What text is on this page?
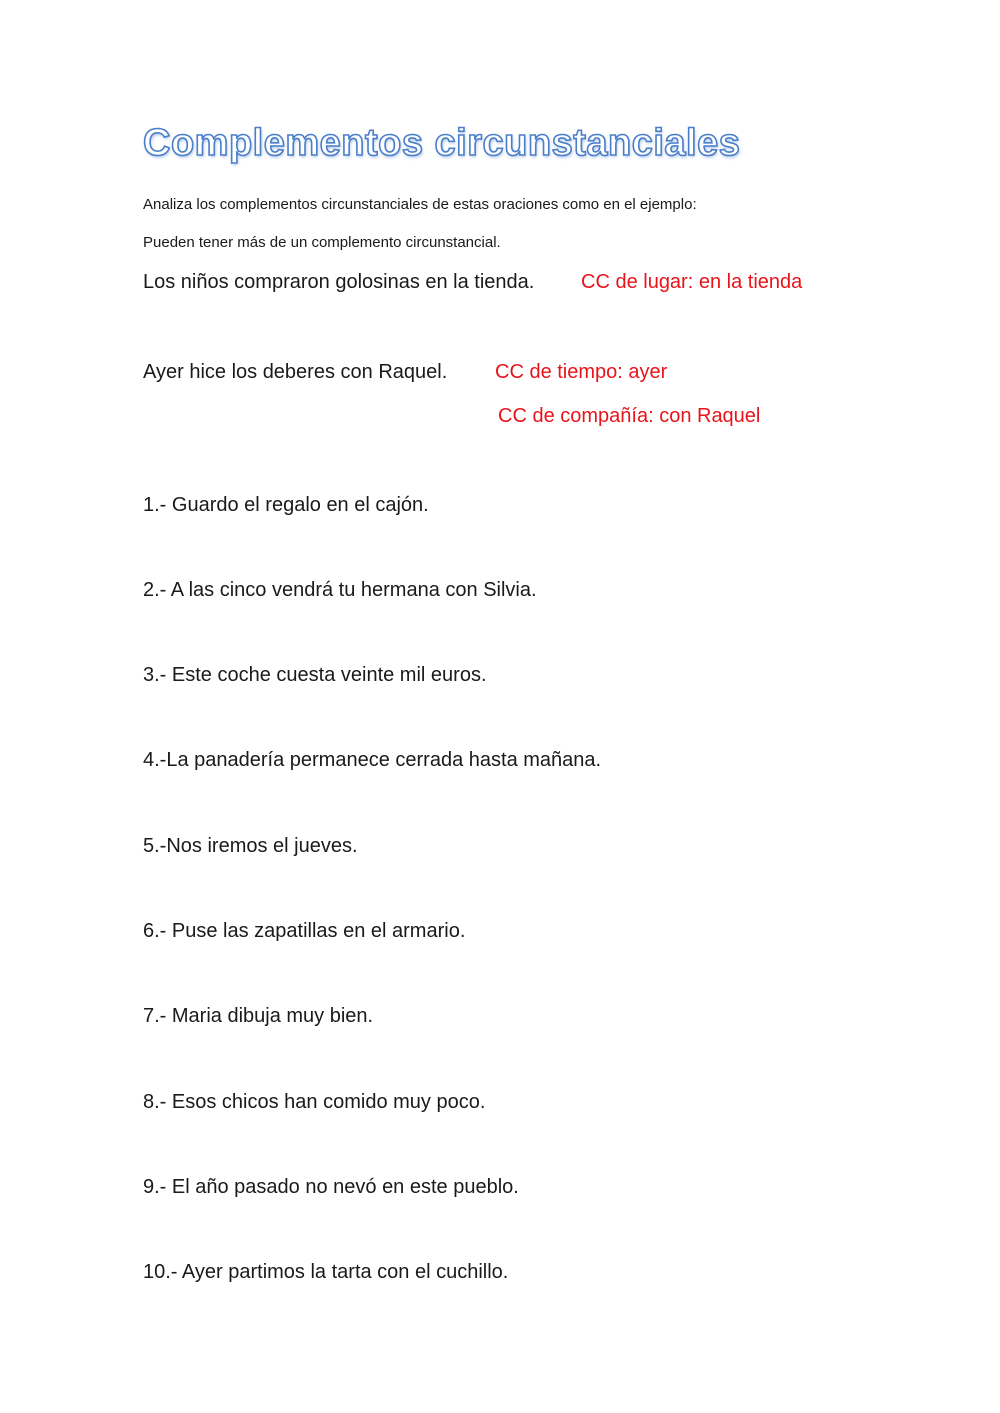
Complementos circunstanciales
Analiza los complementos circunstanciales de estas oraciones como en el ejemplo:
Pueden tener más de un complemento circunstancial.
Los niños compraron golosinas en la tienda. CC de lugar: en la tienda
Ayer hice los deberes con Raquel. CC de tiempo: ayer
CC de compañía: con Raquel
1.- Guardo el regalo en el cajón.
2.- A las cinco vendrá tu hermana con Silvia.
3.- Este coche cuesta veinte mil euros.
4.-La panadería permanece cerrada hasta mañana.
5.-Nos iremos el jueves.
6.- Puse las zapatillas en el armario.
7.- Maria dibuja muy bien.
8.- Esos chicos han comido muy poco.
9.- El año pasado no nevó en este pueblo.
10.- Ayer partimos la tarta con el cuchillo.
